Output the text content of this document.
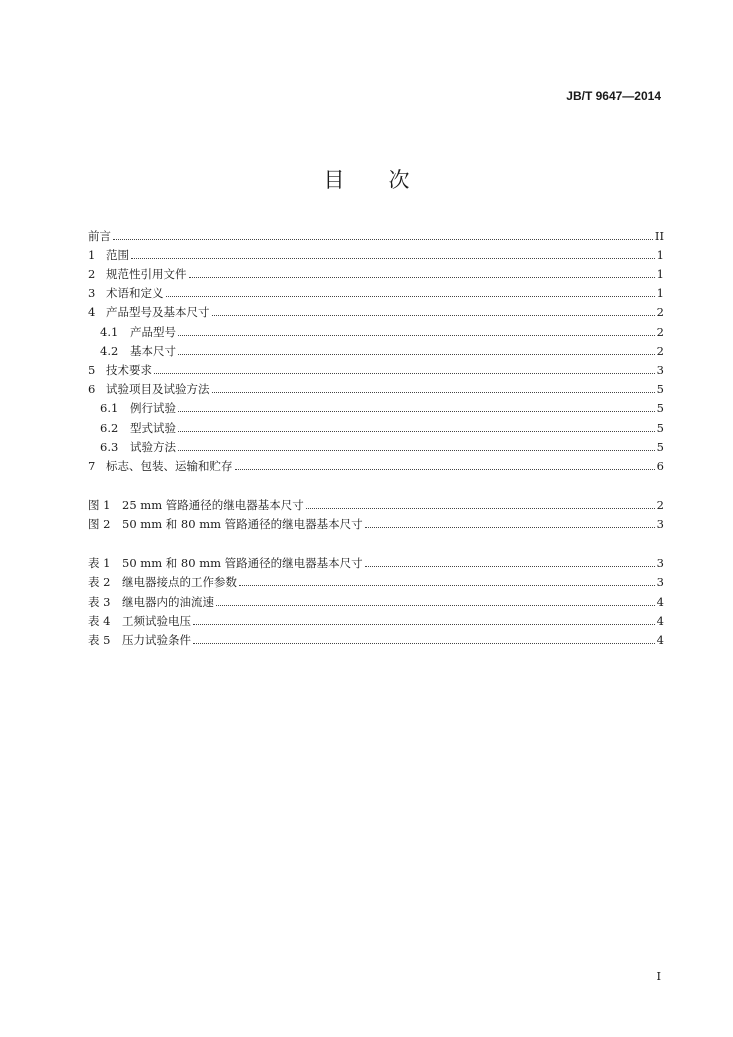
JB/T 9647—2014
目 次
前言	II
1 范围	1
2 规范性引用文件	1
3 术语和定义	1
4 产品型号及基本尺寸	2
4.1	产品型号	2
4.2	基本尺寸	2
5 技术要求	3
6 试验项目及试验方法	5
6.1	例行试验	5
6.2	型式试验	5
6.3	试验方法	5
7 标志、包装、运输和贮存	6
图 1	25 mm 管路通径的继电器基本尺寸	2
图 2	50 mm 和 80 mm 管路通径的继电器基本尺寸	3
表 1	50 mm 和 80 mm 管路通径的继电器基本尺寸	3
表 2	继电器接点的工作参数	3
表 3	继电器内的油流速	4
表 4	工频试验电压	4
表 5	压力试验条件	4
I
